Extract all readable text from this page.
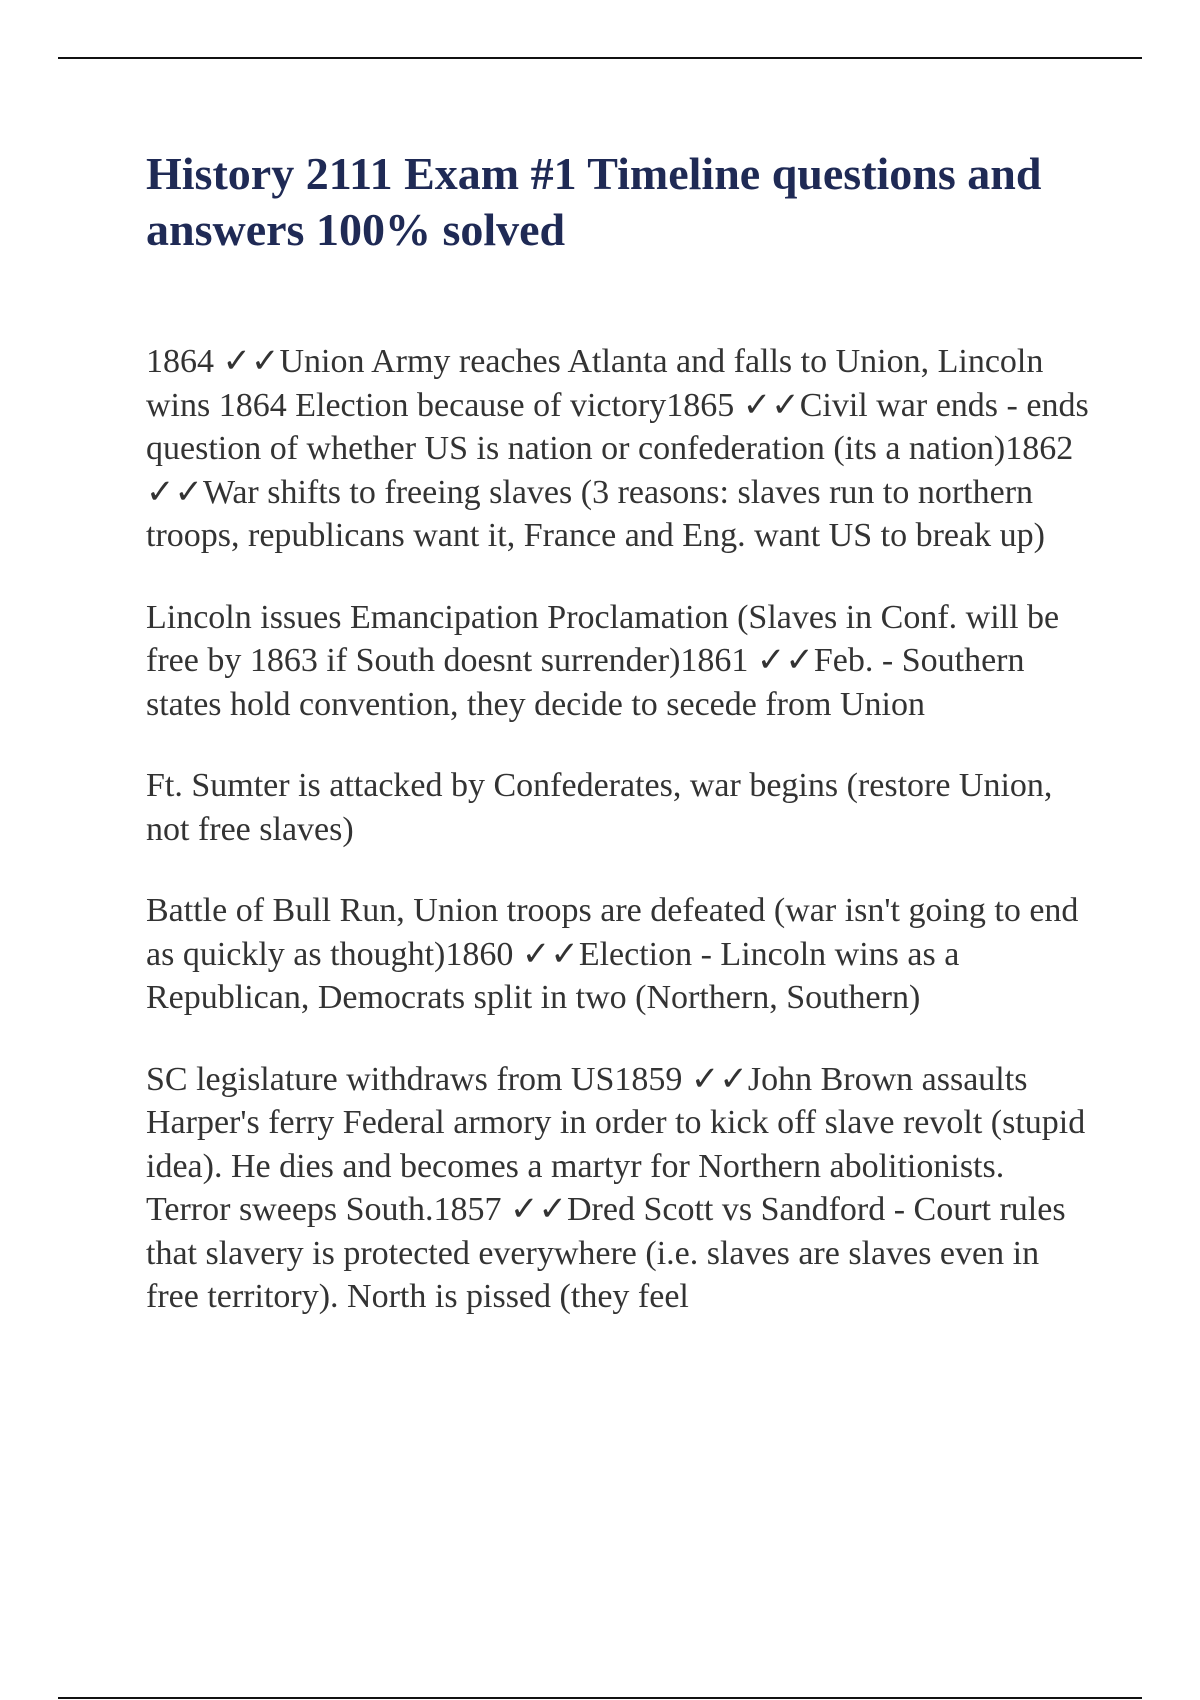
History 2111 Exam #1 Timeline questions and answers 100% solved

1864 ✓✓Union Army reaches Atlanta and falls to Union, Lincoln wins 1864 Election because of victory1865 ✓✓Civil war ends - ends question of whether US is nation or confederation (its a nation)1862 ✓✓War shifts to freeing slaves (3 reasons: slaves run to northern troops, republicans want it, France and Eng. want US to break up)

Lincoln issues Emancipation Proclamation (Slaves in Conf. will be free by 1863 if South doesnt surrender)1861 ✓✓Feb. - Southern states hold convention, they decide to secede from Union

Ft. Sumter is attacked by Confederates, war begins (restore Union, not free slaves)

Battle of Bull Run, Union troops are defeated (war isn't going to end as quickly as thought)1860 ✓✓Election - Lincoln wins as a Republican, Democrats split in two (Northern, Southern)

SC legislature withdraws from US1859 ✓✓John Brown assaults Harper's ferry Federal armory in order to kick off slave revolt (stupid idea). He dies and becomes a martyr for Northern abolitionists. Terror sweeps South.1857 ✓✓Dred Scott vs Sandford - Court rules that slavery is protected everywhere (i.e. slaves are slaves even in free territory). North is pissed (they feel
